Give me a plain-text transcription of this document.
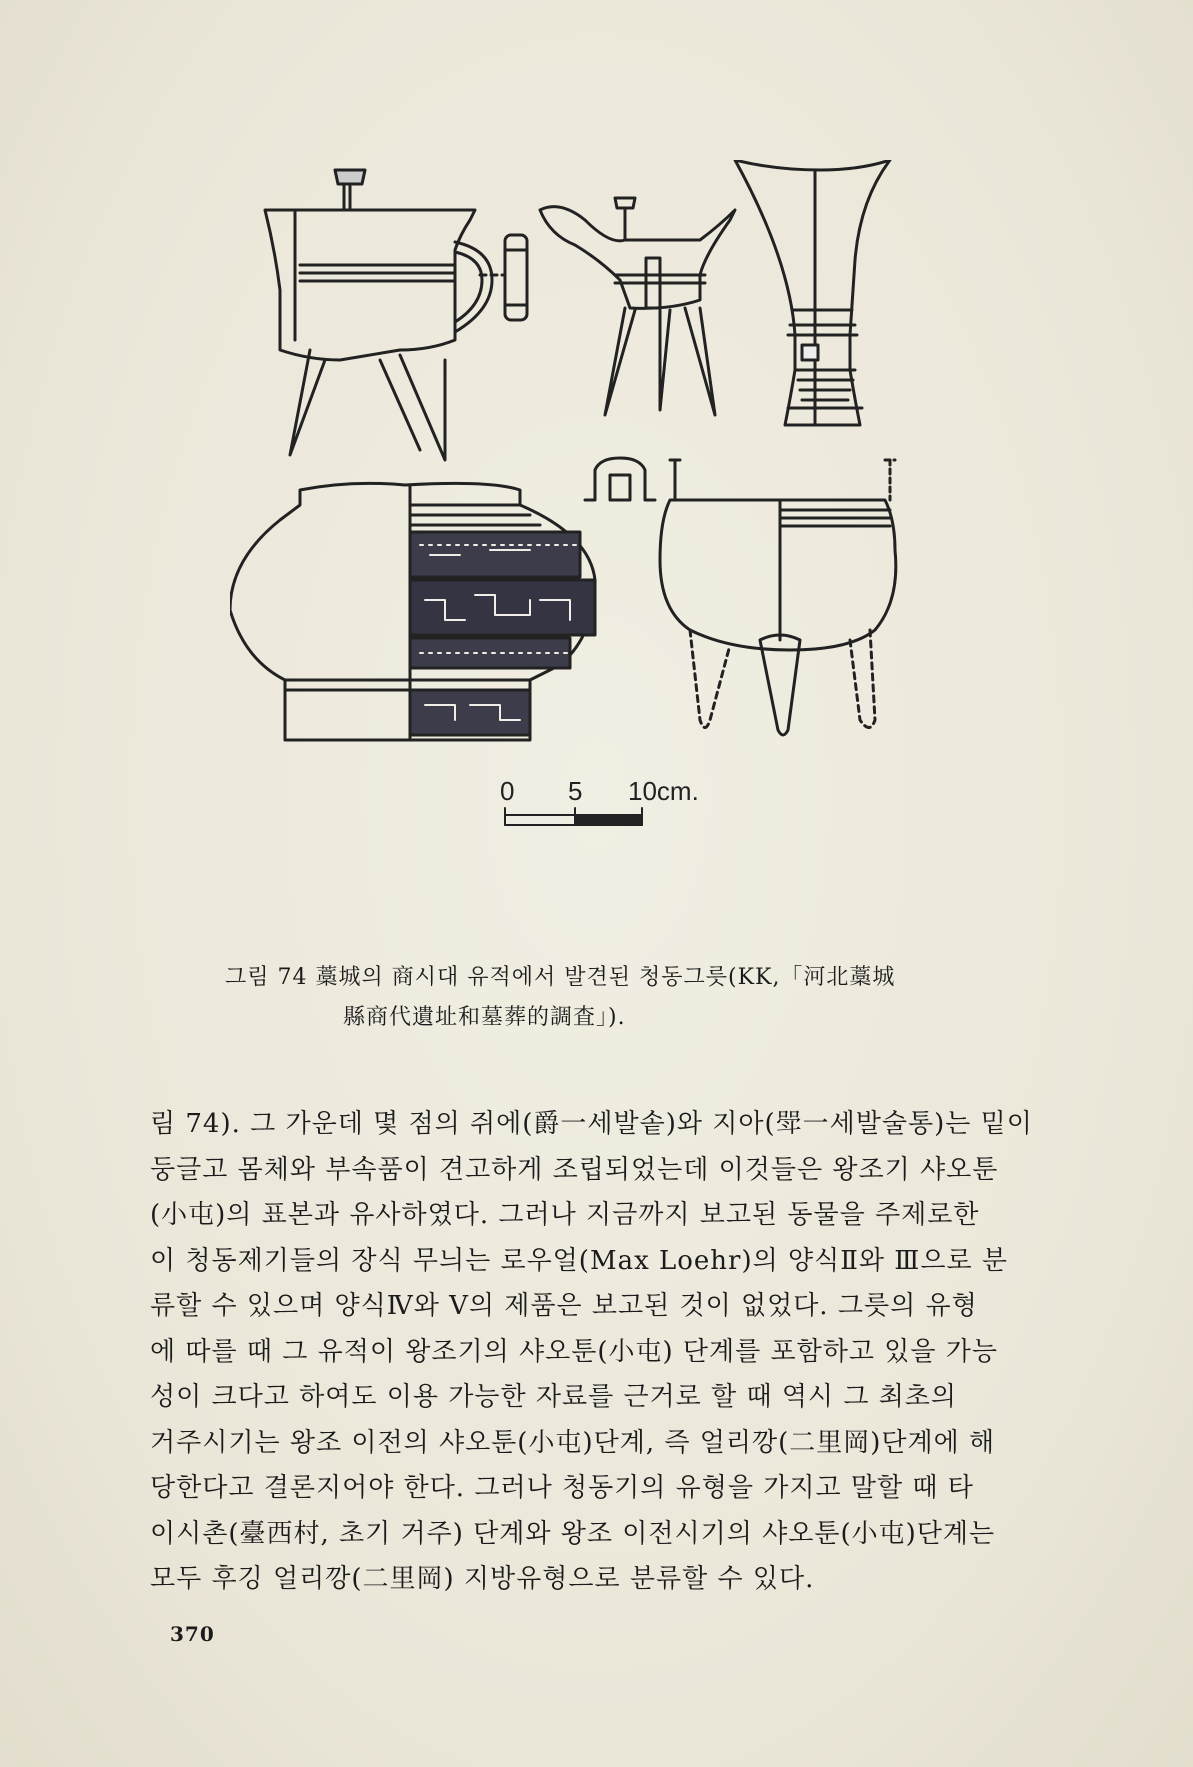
0 5 10cm.
그림 74 藁城의 商시대 유적에서 발견된 청동그릇(KK,「河北藁城
縣商代遺址和墓葬的調査」).
림 74). 그 가운데 몇 점의 쥐에(爵一세발솥)와 지아(斝一세발술통)는 밑이
둥글고 몸체와 부속품이 견고하게 조립되었는데 이것들은 왕조기 샤오툰
(小屯)의 표본과 유사하였다. 그러나 지금까지 보고된 동물을 주제로한
이 청동제기들의 장식 무늬는 로우얼(Max Loehr)의 양식Ⅱ와 Ⅲ으로 분
류할 수 있으며 양식Ⅳ와 Ⅴ의 제품은 보고된 것이 없었다. 그릇의 유형
에 따를 때 그 유적이 왕조기의 샤오툰(小屯) 단계를 포함하고 있을 가능
성이 크다고 하여도 이용 가능한 자료를 근거로 할 때 역시 그 최초의
거주시기는 왕조 이전의 샤오툰(小屯)단계, 즉 얼리깡(二里岡)단계에 해
당한다고 결론지어야 한다. 그러나 청동기의 유형을 가지고 말할 때 타
이시촌(臺西村, 초기 거주) 단계와 왕조 이전시기의 샤오툰(小屯)단계는
모두 후깅 얼리깡(二里岡) 지방유형으로 분류할 수 있다.
370
